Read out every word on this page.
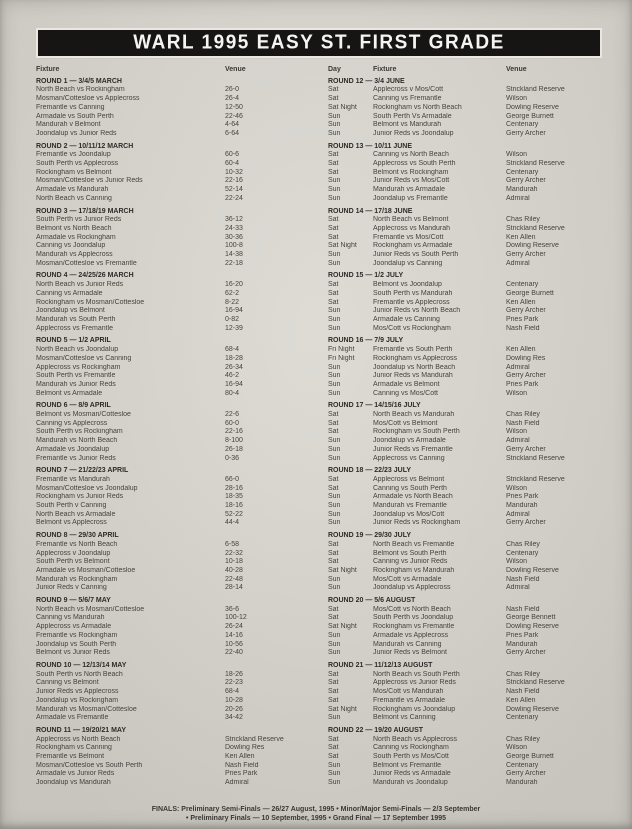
WARL 1995 EASY ST. FIRST GRADE
Fixture	Venue
ROUND 1 — 3/4/5 MARCH
North Beach vs Rockingham	26-0
Mosman/Cottesloe vs Applecross	26-4
Fremantle vs Canning	12-50
Armadale vs South Perth	22-46
Mandurah v Belmont	4-64
Joondalup vs Junior Reds	6-64
ROUND 2 — 10/11/12 MARCH
Fremantle vs Joondalup	60-6
South Perth vs Applecross	60-4
Rockingham vs Belmont	10-32
Mosman/Cottesloe vs Junior Reds	22-16
Armadale vs Mandurah	52-14
North Beach vs Canning	22-24
ROUND 3 — 17/18/19 MARCH
South Perth vs Junior Reds	36-12
Belmont vs North Beach	24-33
Armadale vs Rockingham	30-36
Canning vs Joondalup	100-8
Mandurah vs Applecross	14-38
Mosman/Cottesloe vs Fremantle	22-18
ROUND 4 — 24/25/26 MARCH
North Beach vs Junior Reds	16-20
Canning vs Armadale	62-2
Rockingham vs Mosman/Cottesloe	8-22
Joondalup vs Belmont	16-94
Mandurah vs South Perth	0-82
Applecross vs Fremantle	12-39
ROUND 5 — 1/2 APRIL
North Beach vs Joondalup	68-4
Mosman/Cottesloe vs Canning	18-28
Applecross vs Rockingham	26-34
South Perth vs Fremantle	46-2
Mandurah vs Junior Reds	16-94
Belmont vs Armadale	80-4
ROUND 6 — 8/9 APRIL
Belmont vs Mosman/Cottesloe	22-6
Canning vs Applecross	60-0
South Perth vs Rockingham	22-16
Mandurah vs North Beach	8-100
Armadale vs Joondalup	26-18
Fremantle vs Junior Reds	0-36
ROUND 7 — 21/22/23 APRIL
Fremantle vs Mandurah	66-0
Mosman/Cottesloe vs Joondalup	28-16
Rockingham vs Junior Reds	18-35
South Perth v Canning	18-16
North Beach vs Armadale	52-22
Belmont vs Applecross	44-4
ROUND 8 — 29/30 APRIL
Fremantle vs North Beach	6-58
Applecross v Joondalup	22-32
South Perth vs Belmont	10-18
Armadale vs Mosman/Cottesloe	40-28
Mandurah vs Rockingham	22-48
Junior Reds v Canning	28-14
ROUND 9 — 5/6/7 MAY
North Beach vs Mosman/Cottesloe	36-6
Canning vs Mandurah	100-12
Applecross vs Armadale	26-24
Fremantle vs Rockingham	14-16
Joondalup vs South Perth	10-56
Belmont vs Junior Reds	22-40
ROUND 10 — 12/13/14 MAY
South Perth vs North Beach	18-26
Canning vs Belmont	22-23
Junior Reds vs Applecross	68-4
Joondalup vs Rockingham	10-28
Mandurah vs Mosman/Cottesloe	20-26
Armadale vs Fremantle	34-42
ROUND 11 — 19/20/21 MAY
Applecross vs North Beach	Strickland Reserve
Rockingham vs Canning	Dowling Res
Fremantle vs Belmont	Ken Allen
Mosman/Cottesloe vs South Perth	Nash Field
Armadale vs Junior Reds	Pries Park
Joondalup vs Mandurah	Admiral
Day	Fixture	Venue
ROUND 12 — 3/4 JUNE
Sat	Applecross v Mos/Cott	Strickland Reserve
Sat	Canning vs Fremantle	Wilson
Sat Night	Rockingham vs North Beach	Dowling Reserve
Sun	South Perth Vs Armadale	George Burnett
Sun	Belmont vs Mandurah	Centenary
Sun	Junior Reds vs Joondalup	Gerry Archer
ROUND 13 — 10/11 JUNE
Sat	Canning vs North Beach	Wilson
Sat	Applecross vs South Perth	Strickland Reserve
Sat	Belmont vs Rockingham	Centenary
Sun	Junior Reds vs Mos/Cott	Gerry Archer
Sun	Mandurah vs Armadale	Mandurah
Sun	Joondalup vs Fremantle	Admiral
ROUND 14 — 17/18 JUNE
Sat	North Beach vs Belmont	Chas Riley
Sat	Applecross vs Mandurah	Strickland Reserve
Sat	Fremantle vs Mos/Cott	Ken Allen
Sat Night	Rockingham vs Armadale	Dowling Reserve
Sun	Junior Reds vs South Perth	Gerry Archer
Sun	Joondalup vs Canning	Admiral
ROUND 15 — 1/2 JULY
Sat	Belmont vs Joondalup	Centenary
Sat	South Perth vs Mandurah	George Burnett
Sat	Fremantle vs Applecross	Ken Allen
Sun	Junior Reds vs North Beach	Gerry Archer
Sun	Armadale vs Canning	Pries Park
Sun	Mos/Cott vs Rockingham	Nash Field
ROUND 16 — 7/9 JULY
Fri Night	Fremantle vs South Perth	Ken Allen
Fri Night	Rockingham vs Applecross	Dowling Res
Sun	Joondalup vs North Beach	Admiral
Sun	Junior Reds vs Mandurah	Gerry Archer
Sun	Armadale vs Belmont	Pries Park
Sun	Canning vs Mos/Cott	Wilson
ROUND 17 — 14/15/16 JULY
Sat	North Beach vs Mandurah	Chas Riley
Sat	Mos/Cott vs Belmont	Nash Field
Sat	Rockingham vs South Perth	Wilson
Sun	Joondalup vs Armadale	Admiral
Sun	Junior Reds vs Fremantle	Gerry Archer
Sun	Applecross vs Canning	Strickland Reserve
ROUND 18 — 22/23 JULY
Sat	Applecross vs Belmont	Strickland Reserve
Sat	Canning vs South Perth	Wilson
Sun	Armadale vs North Beach	Pries Park
Sun	Mandurah vs Fremantle	Mandurah
Sun	Joondalup vs Mos/Cott	Admiral
Sun	Junior Reds vs Rockingham	Gerry Archer
ROUND 19 — 29/30 JULY
Sat	North Beach vs Fremantle	Chas Riley
Sat	Belmont vs South Perth	Centenary
Sat	Canning vs Junior Reds	Wilson
Sat Night	Rockingham vs Mandurah	Dowling Reserve
Sun	Mos/Cott vs Armadale	Nash Field
Sun	Joondalup vs Applecross	Admiral
ROUND 20 — 5/6 AUGUST
Sat	Mos/Cott vs North Beach	Nash Field
Sat	South Perth vs Joondalup	George Bennett
Sat Night	Rockingham vs Fremantle	Dowling Reserve
Sun	Armadale vs Applecross	Pries Park
Sun	Mandurah vs Canning	Mandurah
Sun	Junior Reds vs Belmont	Gerry Archer
ROUND 21 — 11/12/13 AUGUST
Sat	North Beach vs South Perth	Chas Riley
Sat	Applecross vs Junior Reds	Strickland Reserve
Sat	Mos/Cott vs Mandurah	Nash Field
Sat	Fremantle vs Armadale	Ken Allen
Sat Night	Rockingham vs Joondalup	Dowling Reserve
Sun	Belmont vs Canning	Centenary
ROUND 22 — 19/20 AUGUST
Sat	North Beach vs Applecross	Chas Riley
Sat	Canning vs Rockingham	Wilson
Sat	South Perth vs Mos/Cott	George Burnett
Sun	Belmont vs Fremantle	Centenary
Sun	Junior Reds vs Armadale	Gerry Archer
Sun	Mandurah vs Joondalup	Mandurah
FINALS: Preliminary Semi-Finals — 26/27 August, 1995 • Minor/Major Semi-Finals — 2/3 September
• Preliminary Finals — 10 September, 1995 • Grand Final — 17 September 1995
